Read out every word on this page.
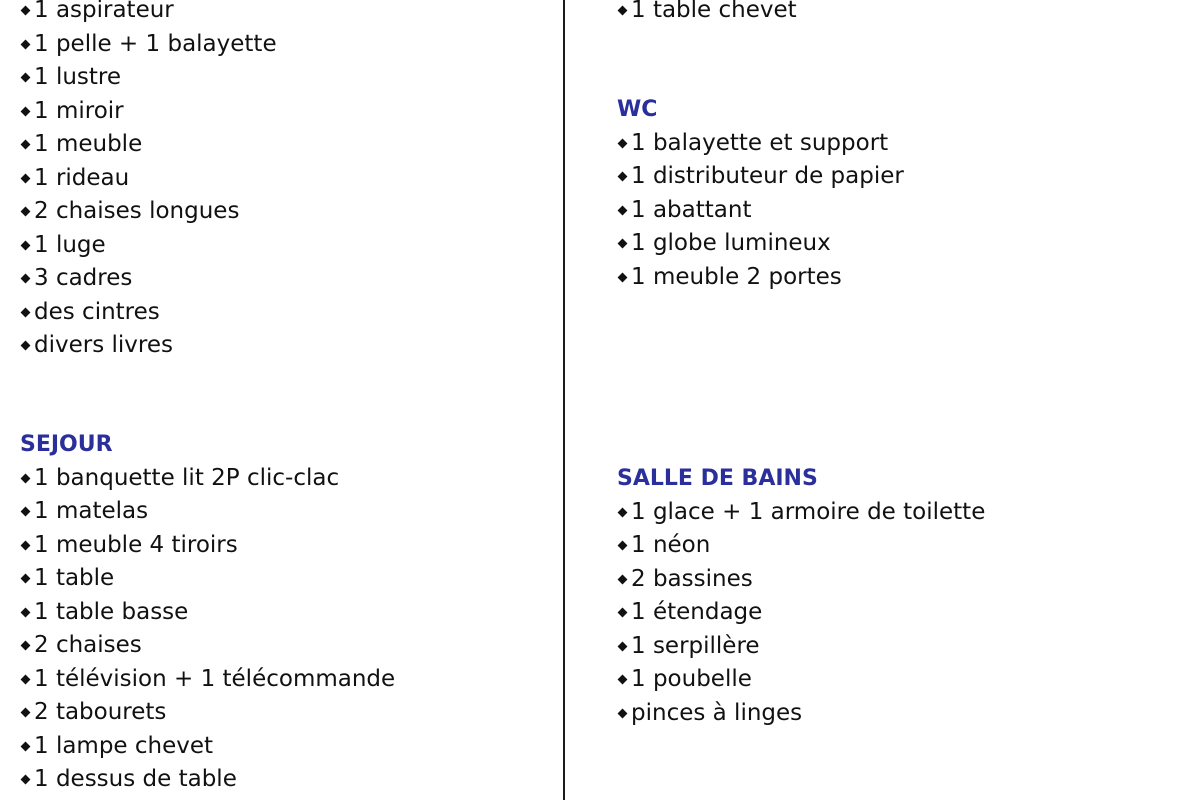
1 aspirateur
1 pelle + 1 balayette
1 lustre
1 miroir
1 meuble
1 rideau
2 chaises longues
1 luge
3 cadres
des cintres
divers livres
SEJOUR
1 banquette lit 2P clic-clac
1 matelas
1 meuble 4 tiroirs
1 table
1 table basse
2 chaises
1 télévision + 1 télécommande
2 tabourets
1 lampe chevet
1 dessus de table
1 table chevet
WC
1 balayette et support
1 distributeur de papier
1 abattant
1 globe lumineux
1 meuble 2 portes
SALLE DE BAINS
1 glace + 1 armoire de toilette
1 néon
2 bassines
1 étendage
1 serpillère
1 poubelle
pinces à linges
